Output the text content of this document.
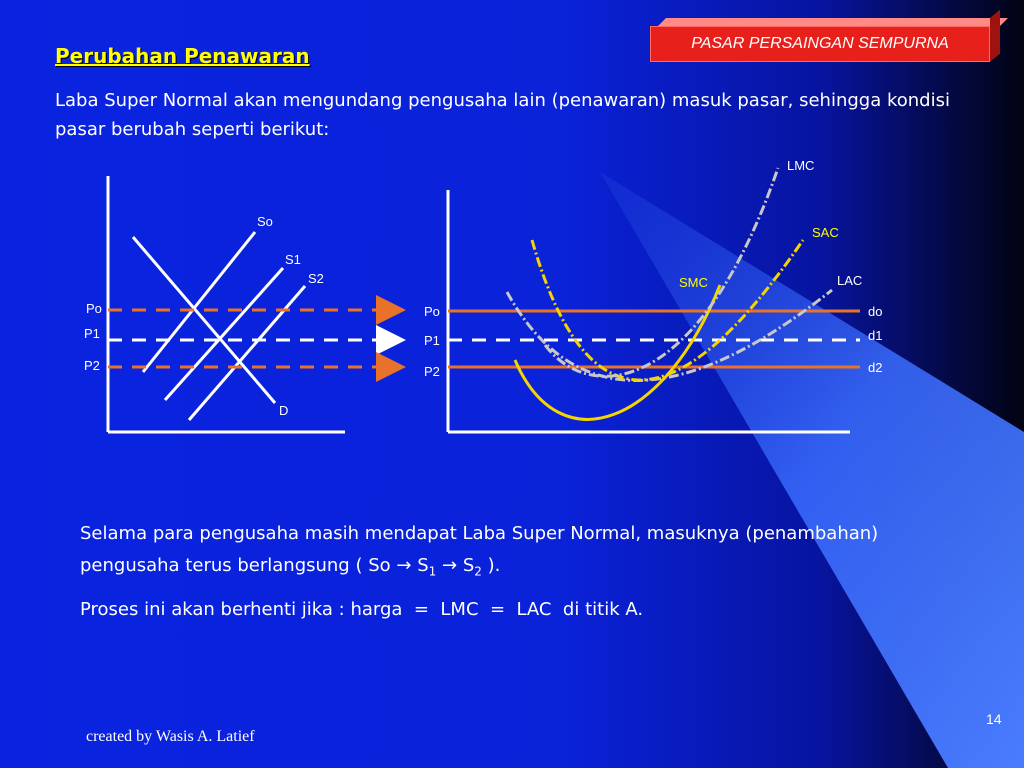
PASAR PERSAINGAN SEMPURNA
Perubahan Penawaran
Laba Super Normal akan mengundang pengusaha lain (penawaran) masuk pasar, sehingga kondisi pasar berubah seperti berikut:
So
S1
S2
D
Po
P1
P2
LMC
SAC
SMC	LAC
Po
P1
P2
do
d1
d2
Selama para pengusaha masih mendapat Laba Super Normal, masuknya (penambahan) pengusaha terus berlangsung ( $So \to S_1 \to S_2$ ).
Proses ini akan berhenti jika : harga  =  LMC  =  LAC  di titik A.
created by Wasis A. Latief
14
